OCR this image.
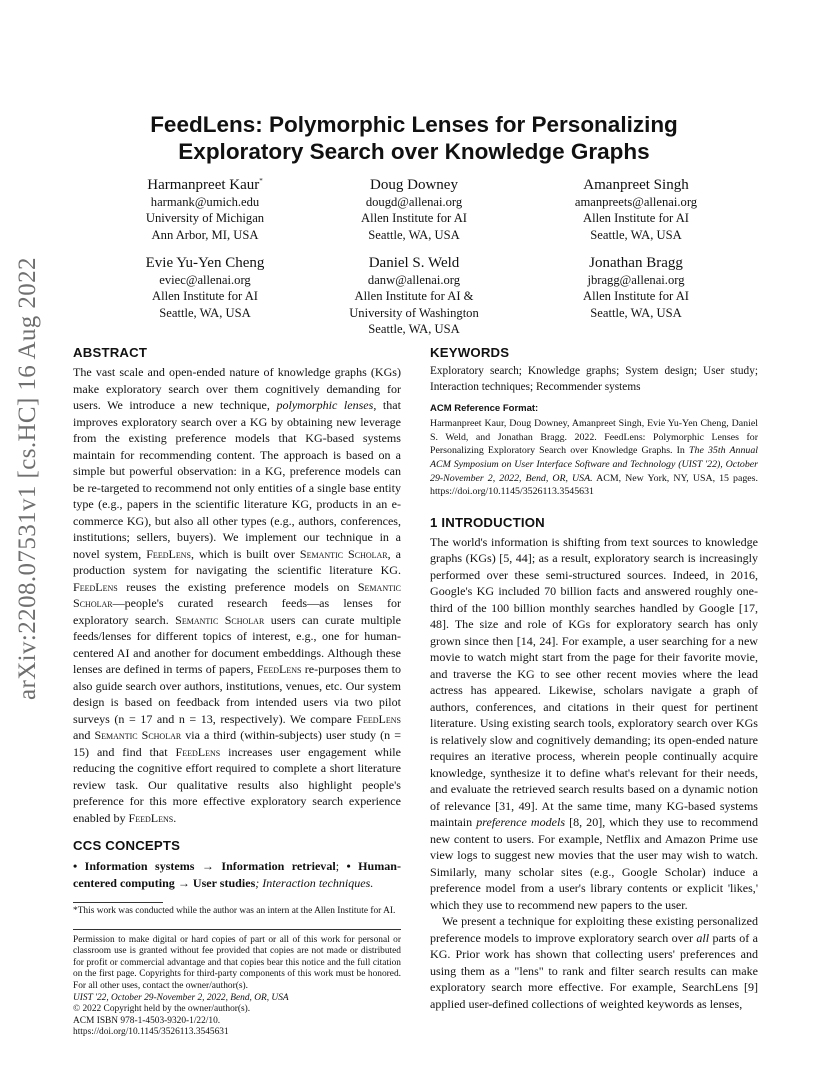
arXiv:2208.07531v1 [cs.HC] 16 Aug 2022
FeedLens: Polymorphic Lenses for Personalizing
Exploratory Search over Knowledge Graphs
Harmanpreet Kaur*
harmank@umich.edu
University of Michigan
Ann Arbor, MI, USA
Doug Downey
dougd@allenai.org
Allen Institute for AI
Seattle, WA, USA
Amanpreet Singh
amanpreets@allenai.org
Allen Institute for AI
Seattle, WA, USA
Evie Yu-Yen Cheng
eviec@allenai.org
Allen Institute for AI
Seattle, WA, USA
Daniel S. Weld
danw@allenai.org
Allen Institute for AI &
University of Washington
Seattle, WA, USA
Jonathan Bragg
jbragg@allenai.org
Allen Institute for AI
Seattle, WA, USA
ABSTRACT

The vast scale and open-ended nature of knowledge graphs (KGs) make exploratory search over them cognitively demanding for users. We introduce a new technique, polymorphic lenses, that improves exploratory search over a KG by obtaining new leverage from the existing preference models that KG-based systems maintain for recommending content. The approach is based on a simple but powerful observation: in a KG, preference models can be re-targeted to recommend not only entities of a single base entity type (e.g., papers in the scientific literature KG, products in an e-commerce KG), but also all other types (e.g., authors, conferences, institutions; sellers, buyers). We implement our technique in a novel system, FeedLens, which is built over Semantic Scholar, a production system for navigating the scientific literature KG. FeedLens reuses the existing preference models on Semantic Scholar—people's curated research feeds—as lenses for exploratory search. Semantic Scholar users can curate multiple feeds/lenses for different topics of interest, e.g., one for human-centered AI and another for document embeddings. Although these lenses are defined in terms of papers, FeedLens re-purposes them to also guide search over authors, institutions, venues, etc. Our system design is based on feedback from intended users via two pilot surveys (n = 17 and n = 13, respectively). We compare FeedLens and Semantic Scholar via a third (within-subjects) user study (n = 15) and find that FeedLens increases user engagement while reducing the cognitive effort required to complete a short literature review task. Our qualitative results also highlight people's preference for this more effective exploratory search experience enabled by FeedLens.

CCS CONCEPTS

• Information systems → Information retrieval; • Human-centered computing → User studies; Interaction techniques.

*This work was conducted while the author was an intern at the Allen Institute for AI.

Permission to make digital or hard copies of part or all of this work for personal or classroom use is granted without fee provided that copies are not made or distributed for profit or commercial advantage and that copies bear this notice and the full citation on the first page. Copyrights for third-party components of this work must be honored. For all other uses, contact the owner/author(s).

UIST '22, October 29-November 2, 2022, Bend, OR, USA
© 2022 Copyright held by the owner/author(s).
ACM ISBN 978-1-4503-9320-1/22/10.
https://doi.org/10.1145/3526113.3545631
KEYWORDS

Exploratory search; Knowledge graphs; System design; User study; Interaction techniques; Recommender systems

ACM Reference Format:

Harmanpreet Kaur, Doug Downey, Amanpreet Singh, Evie Yu-Yen Cheng, Daniel S. Weld, and Jonathan Bragg. 2022. FeedLens: Polymorphic Lenses for Personalizing Exploratory Search over Knowledge Graphs. In The 35th Annual ACM Symposium on User Interface Software and Technology (UIST '22), October 29-November 2, 2022, Bend, OR, USA. ACM, New York, NY, USA, 15 pages. https://doi.org/10.1145/3526113.3545631

1 INTRODUCTION

The world's information is shifting from text sources to knowledge graphs (KGs) [5, 44]; as a result, exploratory search is increasingly performed over these semi-structured sources. Indeed, in 2016, Google's KG included 70 billion facts and answered roughly one-third of the 100 billion monthly searches handled by Google [17, 48]. The size and role of KGs for exploratory search has only grown since then [14, 24]. For example, a user searching for a new movie to watch might start from the page for their favorite movie, and traverse the KG to see other recent movies where the lead actress has appeared. Likewise, scholars navigate a graph of authors, conferences, and citations in their quest for pertinent literature. Using existing search tools, exploratory search over KGs is relatively slow and cognitively demanding; its open-ended nature requires an iterative process, wherein people continually acquire knowledge, synthesize it to define what's relevant for their needs, and evaluate the retrieved search results based on a dynamic notion of relevance [31, 49]. At the same time, many KG-based systems maintain preference models [8, 20], which they use to recommend new content to users. For example, Netflix and Amazon Prime use view logs to suggest new movies that the user may wish to watch. Similarly, many scholar sites (e.g., Google Scholar) induce a preference model from a user's library contents or explicit 'likes,' which they use to recommend new papers to the user.

We present a technique for exploiting these existing personalized preference models to improve exploratory search over all parts of a KG. Prior work has shown that collecting users' preferences and using them as a "lens" to rank and filter search results can make exploratory search more effective. For example, SearchLens [9] applied user-defined collections of weighted keywords as lenses,
